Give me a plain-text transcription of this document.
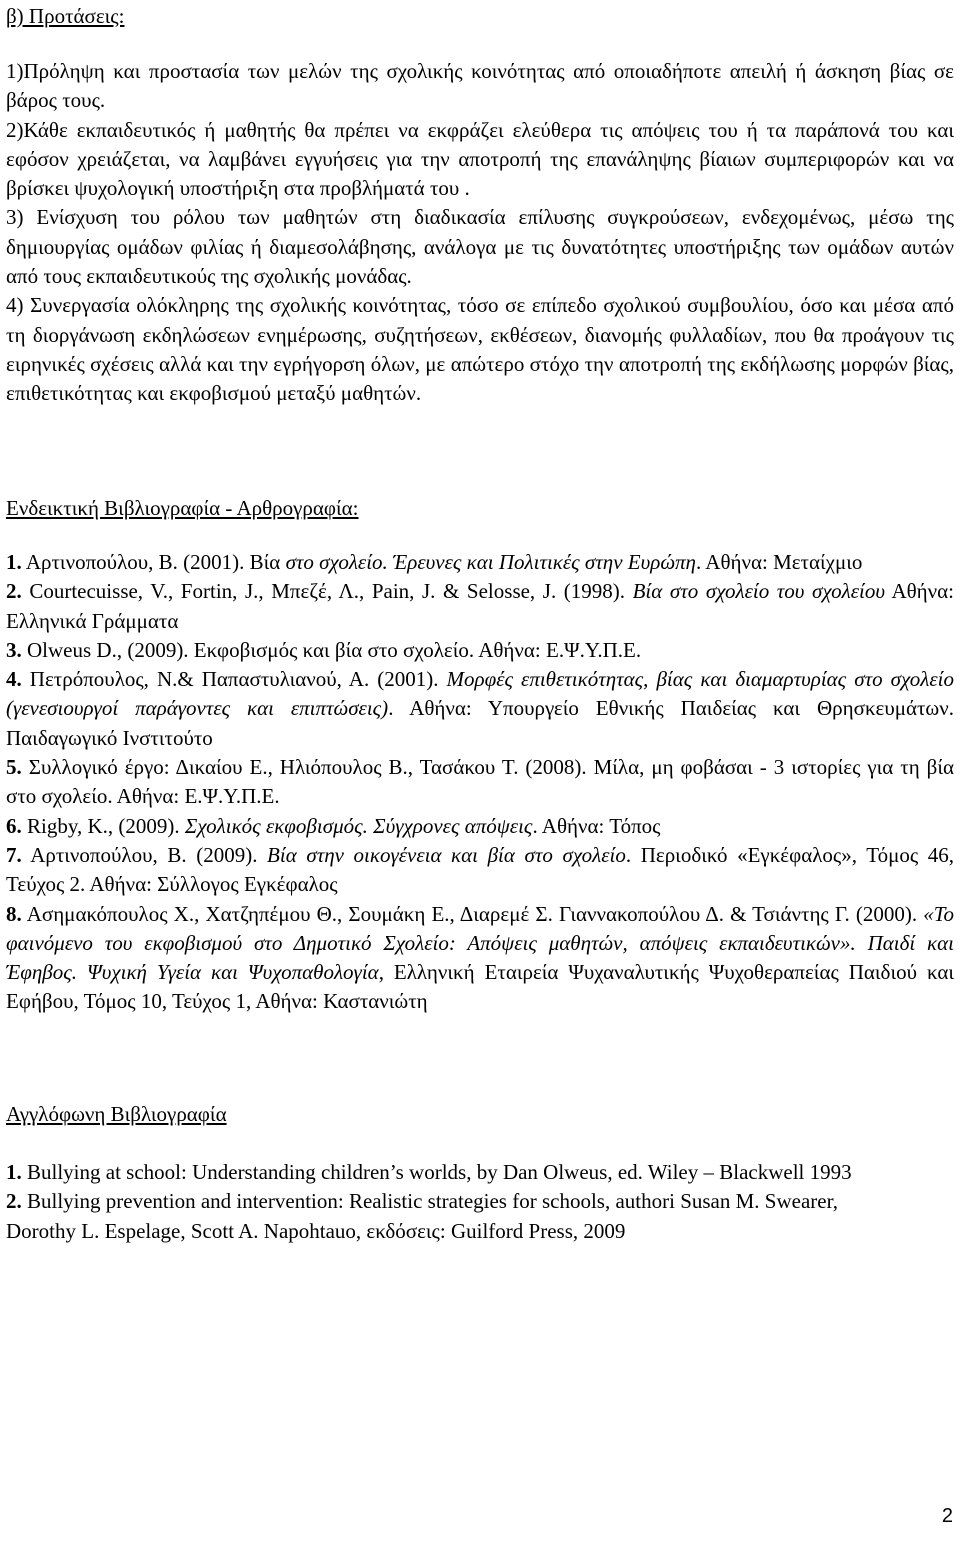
β) Προτάσεις:

1)Πρόληψη και προστασία των μελών της σχολικής κοινότητας από οποιαδήποτε απειλή ή άσκηση βίας σε βάρος τους.

2)Κάθε εκπαιδευτικός ή μαθητής θα πρέπει να εκφράζει ελεύθερα τις απόψεις του ή τα παράπονά του και εφόσον χρειάζεται, να λαμβάνει εγγυήσεις για την αποτροπή της επανάληψης βίαιων συμπεριφορών και να βρίσκει ψυχολογική υποστήριξη στα προβλήματά του .

3) Ενίσχυση του ρόλου των μαθητών στη διαδικασία επίλυσης συγκρούσεων, ενδεχομένως, μέσω της δημιουργίας ομάδων φιλίας ή διαμεσολάβησης, ανάλογα με τις δυνατότητες υποστήριξης των ομάδων αυτών από τους εκπαιδευτικούς της σχολικής μονάδας.

4) Συνεργασία ολόκληρης της σχολικής κοινότητας, τόσο σε επίπεδο σχολικού συμβουλίου, όσο και μέσα από τη διοργάνωση εκδηλώσεων ενημέρωσης, συζητήσεων, εκθέσεων, διανομής φυλλαδίων, που θα προάγουν τις ειρηνικές σχέσεις αλλά και την εγρήγορση όλων, με απώτερο στόχο την αποτροπή της εκδήλωσης μορφών βίας, επιθετικότητας και εκφοβισμού μεταξύ μαθητών.

Ενδεικτική Βιβλιογραφία - Αρθρογραφία:

1. Αρτινοπούλου, Β. (2001). Βία στο σχολείο. Έρευνες και Πολιτικές στην Ευρώπη. Αθήνα: Μεταίχμιο

2. Courtecuisse, V., Fortin, J., Μπεζέ, Λ., Pain, J. & Selosse, J. (1998). Βία στο σχολείο του σχολείου Αθήνα: Ελληνικά Γράμματα

3. Olweus D., (2009). Εκφοβισμός και βία στο σχολείο. Αθήνα: Ε.Ψ.Υ.Π.Ε.

4. Πετρόπουλος, Ν.& Παπαστυλιανού, Α. (2001). Μορφές επιθετικότητας, βίας και διαμαρτυρίας στο σχολείο (γενεσιουργοί παράγοντες και επιπτώσεις). Αθήνα: Υπουργείο Εθνικής Παιδείας και Θρησκευμάτων. Παιδαγωγικό Ινστιτούτο

5. Συλλογικό έργο: Δικαίου Ε., Ηλιόπουλος Β., Τασάκου Τ. (2008). Μίλα, μη φοβάσαι - 3 ιστορίες για τη βία στο σχολείο. Αθήνα: Ε.Ψ.Υ.Π.Ε.

6. Rigby, K., (2009). Σχολικός εκφοβισμός. Σύγχρονες απόψεις. Αθήνα: Τόπος

7. Αρτινοπούλου, Β. (2009). Βία στην οικογένεια και βία στο σχολείο. Περιοδικό «Εγκέφαλος», Τόμος 46, Τεύχος 2. Αθήνα: Σύλλογος Εγκέφαλος

8. Ασημακόπουλος Χ., Χατζηπέμου Θ., Σουμάκη Ε., Διαρεμέ Σ. Γιαννακοπούλου Δ. & Τσιάντης Γ. (2000). «Το φαινόμενο του εκφοβισμού στο Δημοτικό Σχολείο: Απόψεις μαθητών, απόψεις εκπαιδευτικών». Παιδί και Έφηβος. Ψυχική Υγεία και Ψυχοπαθολογία, Ελληνική Εταιρεία Ψυχαναλυτικής Ψυχοθεραπείας Παιδιού και Εφήβου, Τόμος 10, Τεύχος 1, Αθήνα: Καστανιώτη

Αγγλόφωνη Βιβλιογραφία

1. Bullying at school: Understanding children’s worlds, by Dan Olweus, ed. Wiley – Blackwell 1993

2. Bullying prevention and intervention: Realistic strategies for schools, authori Susan M. Swearer, Dorothy L. Espelage, Scott A. Napohtauo, εκδόσεις: Guilford Press, 2009

2
